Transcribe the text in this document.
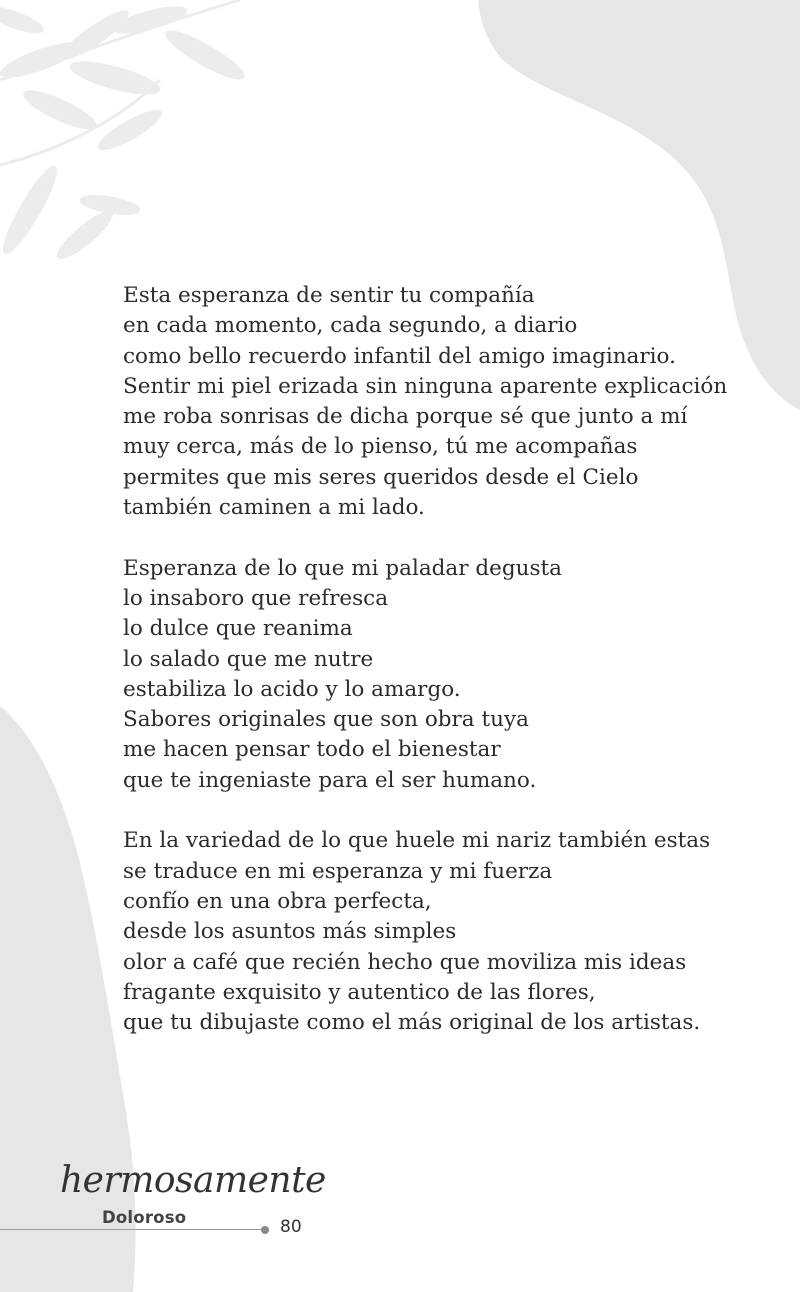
Esta esperanza de sentir tu compañía
en cada momento, cada segundo, a diario
como bello recuerdo infantil del amigo imaginario.
Sentir mi piel erizada sin ninguna aparente explicación
me roba sonrisas de dicha porque sé que junto a mí
muy cerca, más de lo pienso, tú me acompañas
permites que mis seres queridos desde el Cielo
también caminen a mi lado.
Esperanza de lo que mi paladar degusta
lo insaboro que refresca
lo dulce que reanima
lo salado que me nutre
estabiliza lo acido y lo amargo.
Sabores originales que son obra tuya
me hacen pensar todo el bienestar
que te ingeniaste para el ser humano.
En la variedad de lo que huele mi nariz también estas
se traduce en mi esperanza y mi fuerza
confío en una obra perfecta,
desde los asuntos más simples
olor a café que recién hecho que moviliza mis ideas
fragante exquisito y autentico de las flores,
que tu dibujaste como el más original de los artistas.
hermosamente
Doloroso	80
